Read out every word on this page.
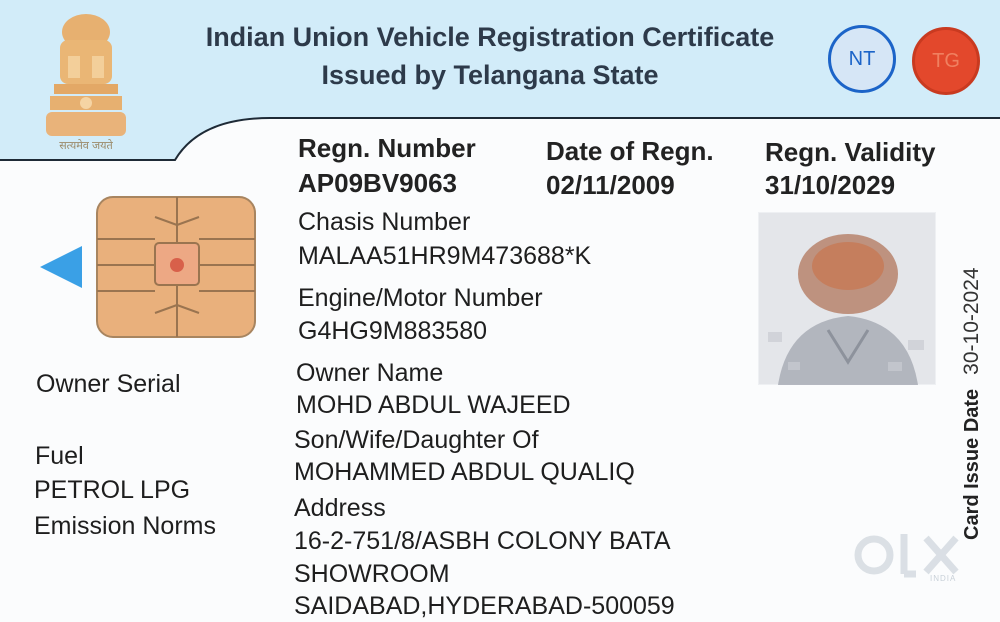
सत्यमेव जयते
Indian Union Vehicle Registration Certificate
Issued by Telangana State
NT	TG
Regn. Number
AP09BV9063
Date of Regn.
02/11/2009
Regn. Validity
31/10/2029
Chasis Number
MALAA51HR9M473688*K
Engine/Motor Number
G4HG9M883580
Owner Name
MOHD ABDUL WAJEED
Son/Wife/Daughter Of
MOHAMMED ABDUL QUALIQ
Address
16-2-751/8/ASBH COLONY BATA
SHOWROOM
SAIDABAD,HYDERABAD-500059
Owner Serial
Fuel
PETROL LPG
Emission Norms	Card Issue Date30-10-2024
INDIA
